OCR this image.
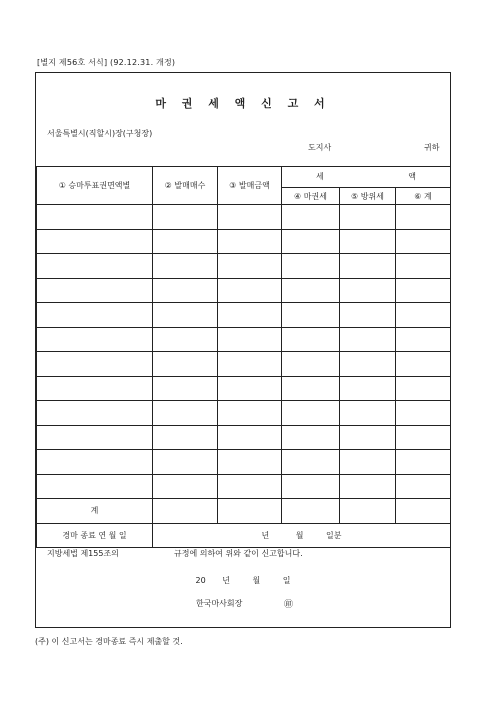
[별지 제56호 서식] (92.12.31. 개정)
마 권 세 액 신 고 서
서울특별시(직할시)장(구청장)
도지사	귀하
① 승마투표권면액별	② 발매매수	③ 발매금액	세 액		

			④ 마권세	⑤ 방위세	⑥ 계

계					
경마 종료 연 월 일	년 월 일분				
지방세법 제155조의	규정에 의하여 위와 같이 신고합니다.
20 년	월	일
한국마사회장	㊞
(주) 이 신고서는 경마종료 즉시 제출할 것.
